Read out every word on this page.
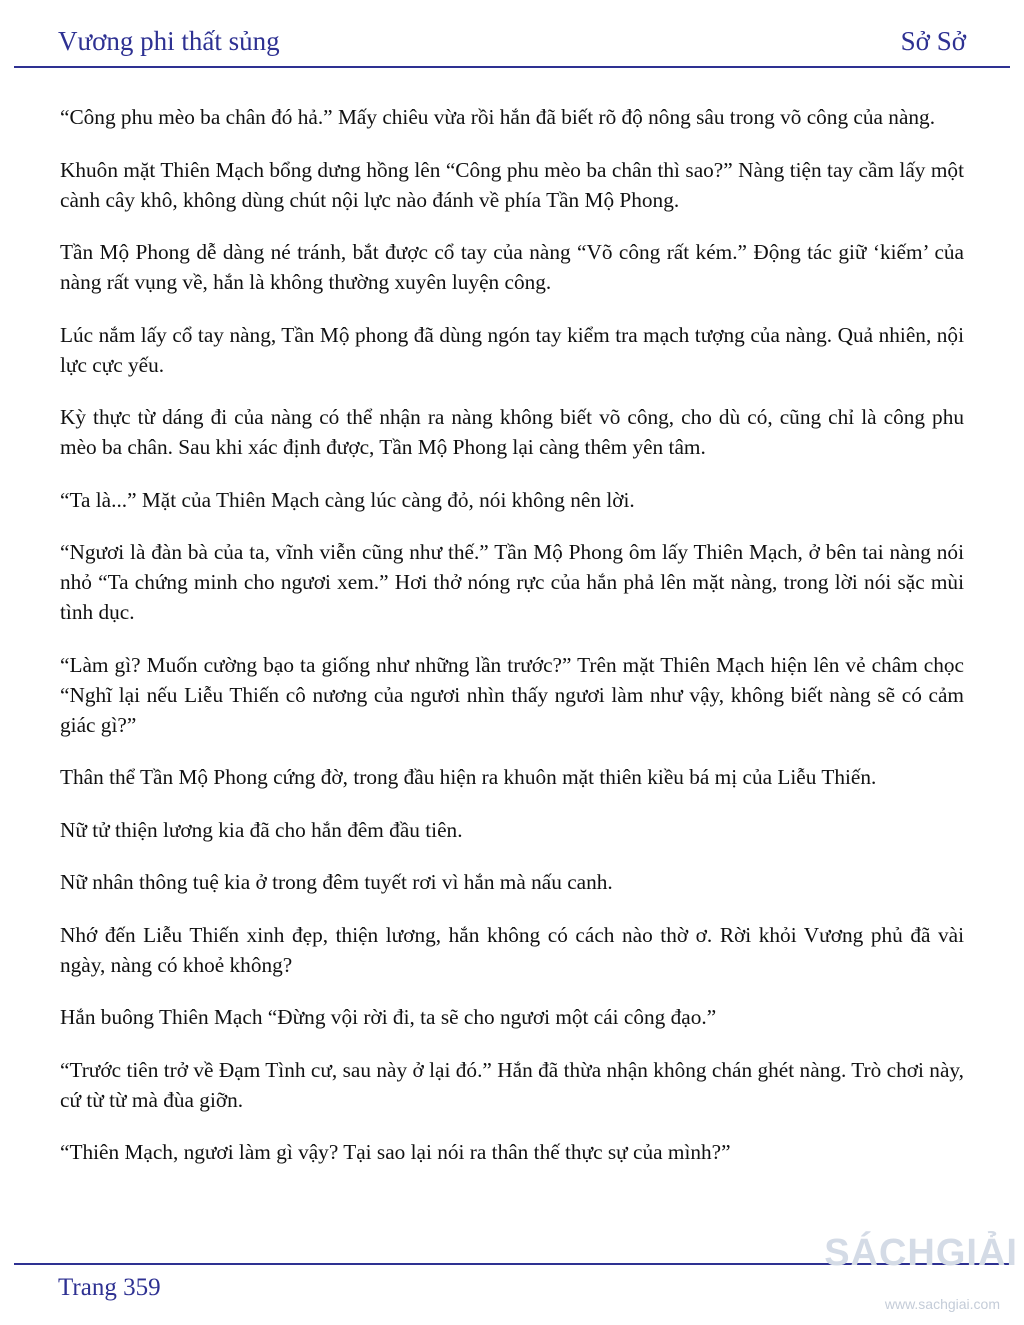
Vương phi thất sủng	Sở Sở

“Công phu mèo ba chân đó hả.” Mấy chiêu vừa rồi hắn đã biết rõ độ nông sâu trong võ công của nàng.

Khuôn mặt Thiên Mạch bổng dưng hồng lên “Công phu mèo ba chân thì sao?” Nàng tiện tay cầm lấy một cành cây khô, không dùng chút nội lực nào đánh về phía Tần Mộ Phong.

Tần Mộ Phong dễ dàng né tránh, bắt được cổ tay của nàng “Võ công rất kém.” Động tác giữ ‘kiếm’ của nàng rất vụng về, hắn là không thường xuyên luyện công.

Lúc nắm lấy cổ tay nàng, Tần Mộ phong đã dùng ngón tay kiểm tra mạch tượng của nàng. Quả nhiên, nội lực cực yếu.

Kỳ thực từ dáng đi của nàng có thể nhận ra nàng không biết võ công, cho dù có, cũng chỉ là công phu mèo ba chân. Sau khi xác định được, Tần Mộ Phong lại càng thêm yên tâm.

“Ta là...” Mặt của Thiên Mạch càng lúc càng đỏ, nói không nên lời.

“Ngươi là đàn bà của ta, vĩnh viễn cũng như thế.” Tần Mộ Phong ôm lấy Thiên Mạch, ở bên tai nàng nói nhỏ “Ta chứng minh cho ngươi xem.” Hơi thở nóng rực của hắn phả lên mặt nàng, trong lời nói sặc mùi tình dục.

“Làm gì? Muốn cường bạo ta giống như những lần trước?” Trên mặt Thiên Mạch hiện lên vẻ châm chọc “Nghĩ lại nếu Liễu Thiến cô nương của ngươi nhìn thấy ngươi làm như vậy, không biết nàng sẽ có cảm giác gì?”

Thân thể Tần Mộ Phong cứng đờ, trong đầu hiện ra khuôn mặt thiên kiều bá mị của Liễu Thiến.

Nữ tử thiện lương kia đã cho hắn đêm đầu tiên.

Nữ nhân thông tuệ kia ở trong đêm tuyết rơi vì hắn mà nấu canh.

Nhớ đến Liễu Thiến xinh đẹp, thiện lương, hắn không có cách nào thờ ơ. Rời khỏi Vương phủ đã vài ngày, nàng có khoẻ không?

Hắn buông Thiên Mạch “Đừng vội rời đi, ta sẽ cho ngươi một cái công đạo.”

“Trước tiên trở về Đạm Tình cư, sau này ở lại đó.” Hắn đã thừa nhận không chán ghét nàng. Trò chơi này, cứ từ từ mà đùa giỡn.

“Thiên Mạch, ngươi làm gì vậy? Tại sao lại nói ra thân thế thực sự của mình?”

Trang 359
SÁCHGIẢI
www.sachgiai.com
